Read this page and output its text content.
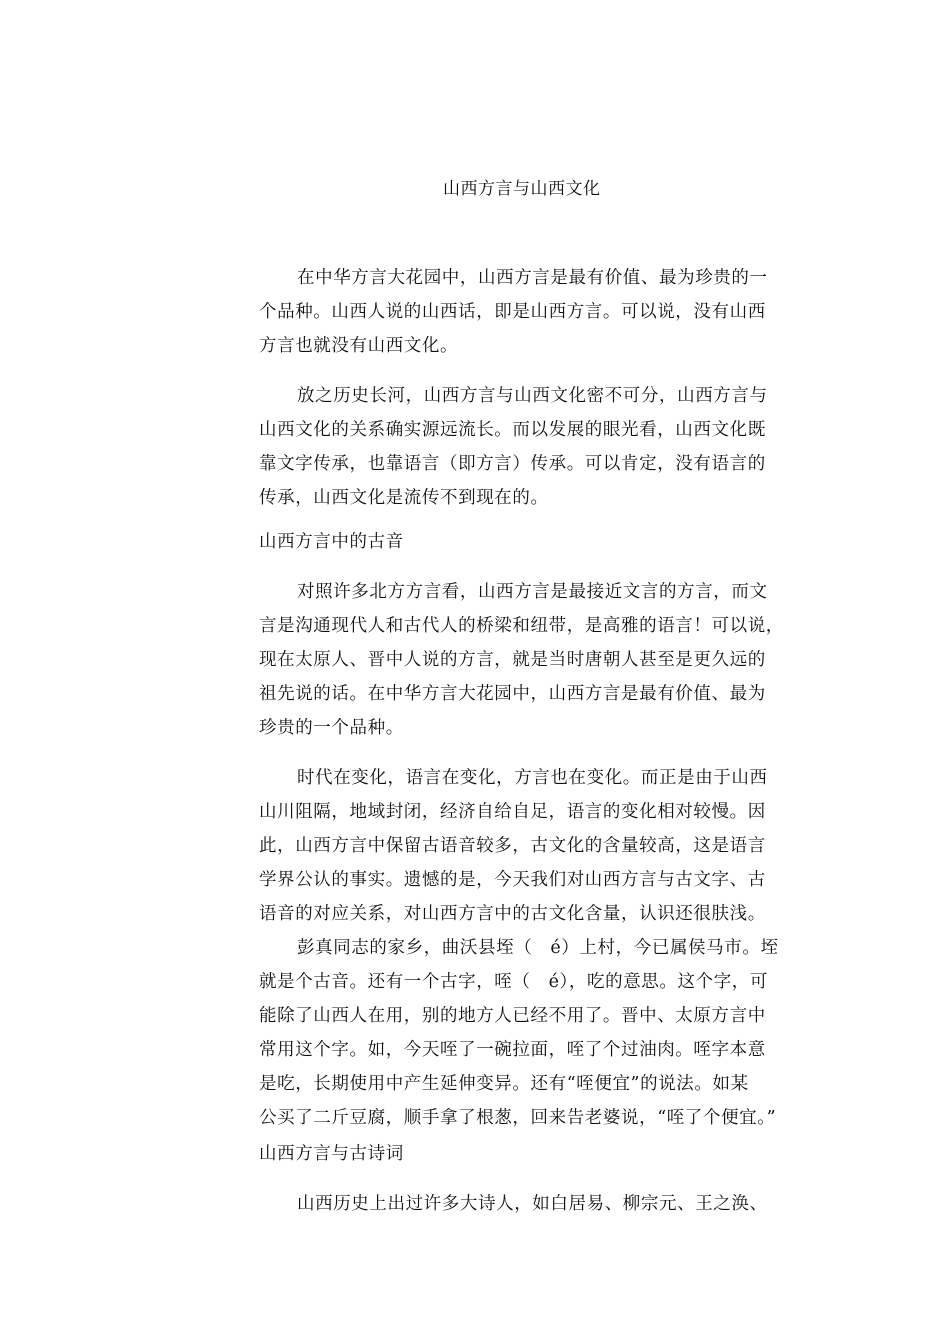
山西方言与山西文化
在中华方言大花园中，山西方言是最有价值、最为珍贵的一
个品种。山西人说的山西话，即是山西方言。可以说，没有山西
方言也就没有山西文化。
放之历史长河，山西方言与山西文化密不可分，山西方言与
山西文化的关系确实源远流长。而以发展的眼光看，山西文化既
靠文字传承，也靠语言（即方言）传承。可以肯定，没有语言的
传承，山西文化是流传不到现在的。
山西方言中的古音
对照许多北方方言看，山西方言是最接近文言的方言，而文
言是沟通现代人和古代人的桥梁和纽带，是高雅的语言！可以说，
现在太原人、晋中人说的方言，就是当时唐朝人甚至是更久远的
祖先说的话。在中华方言大花园中，山西方言是最有价值、最为
珍贵的一个品种。
时代在变化，语言在变化，方言也在变化。而正是由于山西
山川阻隔，地域封闭，经济自给自足，语言的变化相对较慢。因
此，山西方言中保留古语音较多，古文化的含量较高，这是语言
学界公认的事实。遗憾的是，今天我们对山西方言与古文字、古
语音的对应关系，对山西方言中的古文化含量，认识还很肤浅。
彭真同志的家乡，曲沃县垤（　é）上村，今已属侯马市。垤
就是个古音。还有一个古字，咥（　é），吃的意思。这个字，可
能除了山西人在用，别的地方人已经不用了。晋中、太原方言中
常用这个字。如，今天咥了一碗拉面，咥了个过油肉。咥字本意
是吃，长期使用中产生延伸变异。还有“咥便宜”的说法。如某
公买了二斤豆腐，顺手拿了根葱，回来告老婆说，“咥了个便宜。”
山西方言与古诗词
山西历史上出过许多大诗人，如白居易、柳宗元、王之涣、
